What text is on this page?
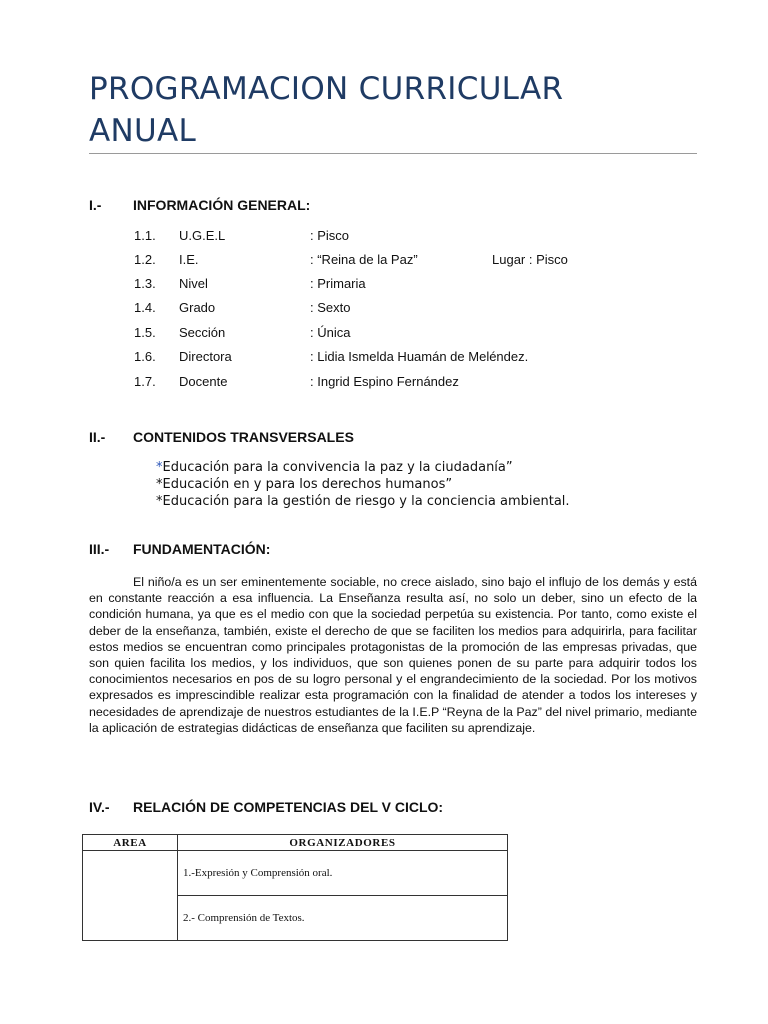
PROGRAMACION CURRICULAR ANUAL
I.- INFORMACIÓN GENERAL:
1.1. U.G.E.L	: Pisco
1.2. I.E.	: “Reina de la Paz”	Lugar : Pisco
1.3. Nivel	: Primaria
1.4. Grado	: Sexto
1.5. Sección	: Única
1.6. Directora	: Lidia Ismelda Huamán de Meléndez.
1.7. Docente	: Ingrid Espino Fernández
II.- CONTENIDOS TRANSVERSALES
*Educación para la convivencia la paz y la ciudadanía”
*Educación en y para los derechos humanos”
*Educación para la gestión de riesgo y la conciencia ambiental.
III.- FUNDAMENTACIÓN:

El niño/a es un ser eminentemente sociable, no crece aislado, sino bajo el influjo de los demás y está en constante reacción a esa influencia. La Enseñanza resulta así, no solo un deber, sino un efecto de la condición humana, ya que es el medio con que la sociedad perpetúa su existencia. Por tanto, como existe el deber de la enseñanza, también, existe el derecho de que se faciliten los medios para adquirirla, para facilitar estos medios se encuentran como principales protagonistas de la promoción de las empresas privadas, que son quien facilita los medios, y los individuos, que son quienes ponen de su parte para adquirir todos los conocimientos necesarios en pos de su logro personal y el engrandecimiento de la sociedad. Por los motivos expresados es imprescindible realizar esta programación con la finalidad de atender a todos los intereses y necesidades de aprendizaje de nuestros estudiantes de la I.E.P “Reyna de la Paz” del nivel primario, mediante la aplicación de estrategias didácticas de enseñanza que faciliten su aprendizaje.

IV.- RELACIÓN DE COMPETENCIAS DEL V CICLO:
AREA	ORGANIZADORES
	1.-Expresión y Comprensión oral.
	2.- Comprensión de Textos.
